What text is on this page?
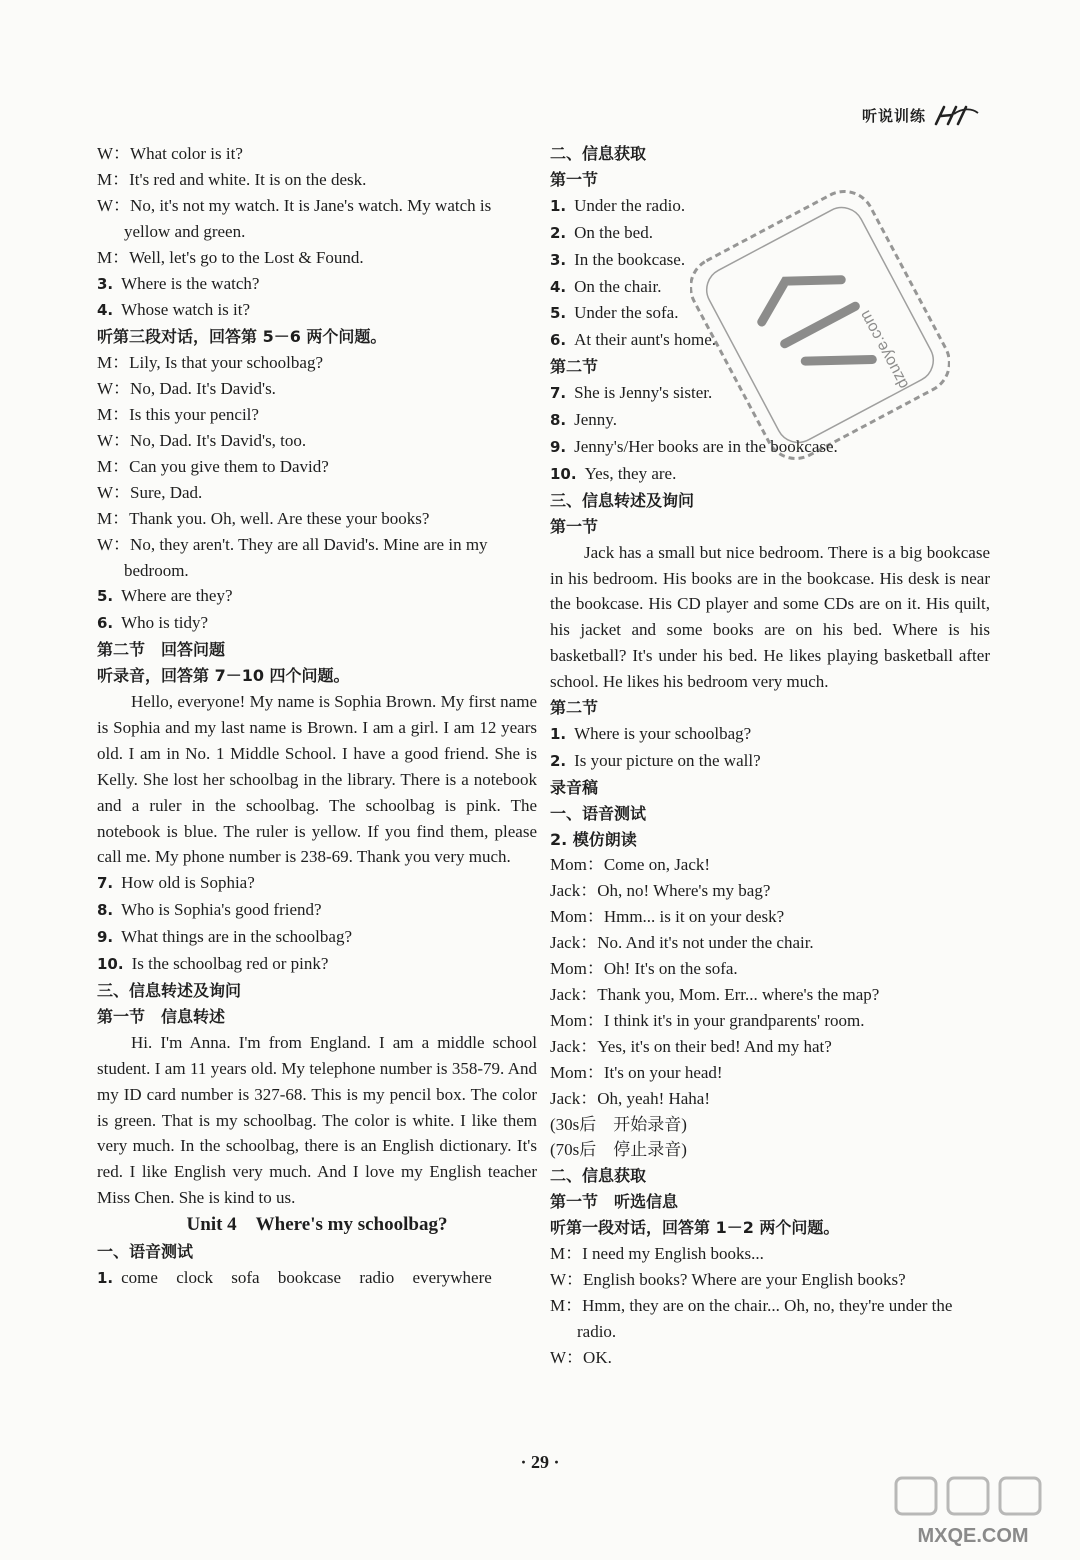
听说训练
W：What color is it?
M：It's red and white. It is on the desk.
W：No, it's not my watch. It is Jane's watch. My watch is yellow and green.
M：Well, let's go to the Lost & Found.
3. Where is the watch?
4. Whose watch is it?
听第三段对话，回答第 5－6 两个问题。
M：Lily, Is that your schoolbag?
W：No, Dad. It's David's.
M：Is this your pencil?
W：No, Dad. It's David's, too.
M：Can you give them to David?
W：Sure, Dad.
M：Thank you. Oh, well. Are these your books?
W：No, they aren't. They are all David's. Mine are in my bedroom.
5. Where are they?
6. Who is tidy?
第二节　回答问题
听录音，回答第 7－10 四个问题。
Hello, everyone! My name is Sophia Brown. My first name is Sophia and my last name is Brown. I am a girl. I am 12 years old. I am in No. 1 Middle School. I have a good friend. She is Kelly. She lost her schoolbag in the library. There is a notebook and a ruler in the schoolbag. The schoolbag is pink. The notebook is blue. The ruler is yellow. If you find them, please call me. My phone number is 238-69. Thank you very much.
7. How old is Sophia?
8. Who is Sophia's good friend?
9. What things are in the schoolbag?
10. Is the schoolbag red or pink?
三、信息转述及询问
第一节　信息转述
Hi. I'm Anna. I'm from England. I am a middle school student. I am 11 years old. My telephone number is 358-79. And my ID card number is 327-68. This is my pencil box. The color is green. That is my schoolbag. The color is white. I like them very much. In the schoolbag, there is an English dictionary. It's red. I like English very much. And I love my English teacher Miss Chen. She is kind to us.
Unit 4　Where's my schoolbag?
一、语音测试
1. come clock sofa bookcase radio everywhere
二、信息获取
第一节
1. Under the radio.
2. On the bed.
3. In the bookcase.
4. On the chair.
5. Under the sofa.
6. At their aunt's home.
第二节
7. She is Jenny's sister.
8. Jenny.
9. Jenny's/Her books are in the bookcase.
10. Yes, they are.
三、信息转述及询问
第一节
Jack has a small but nice bedroom. There is a big bookcase in his bedroom. His books are in the bookcase. His desk is near the bookcase. His CD player and some CDs are on it. His quilt, his jacket and some books are on his bed. Where is his basketball? It's under his bed. He likes playing basketball after school. He likes his bedroom very much.
第二节
1. Where is your schoolbag?
2. Is your picture on the wall?
录音稿
一、语音测试
2. 模仿朗读
Mom：Come on, Jack!
Jack：Oh, no! Where's my bag?
Mom：Hmm... is it on your desk?
Jack：No. And it's not under the chair.
Mom：Oh! It's on the sofa.
Jack：Thank you, Mom. Err... where's the map?
Mom：I think it's in your grandparents' room.
Jack：Yes, it's on their bed! And my hat?
Mom：It's on your head!
Jack：Oh, yeah! Haha!
(30s后　开始录音)
(70s后　停止录音)
二、信息获取
第一节　听选信息
听第一段对话，回答第 1－2 两个问题。
M：I need my English books...
W：English books? Where are your English books?
M：Hmm, they are on the chair... Oh, no, they're under the radio.
W：OK.
· 29 ·
dzuoye.com
MXQE.COM
